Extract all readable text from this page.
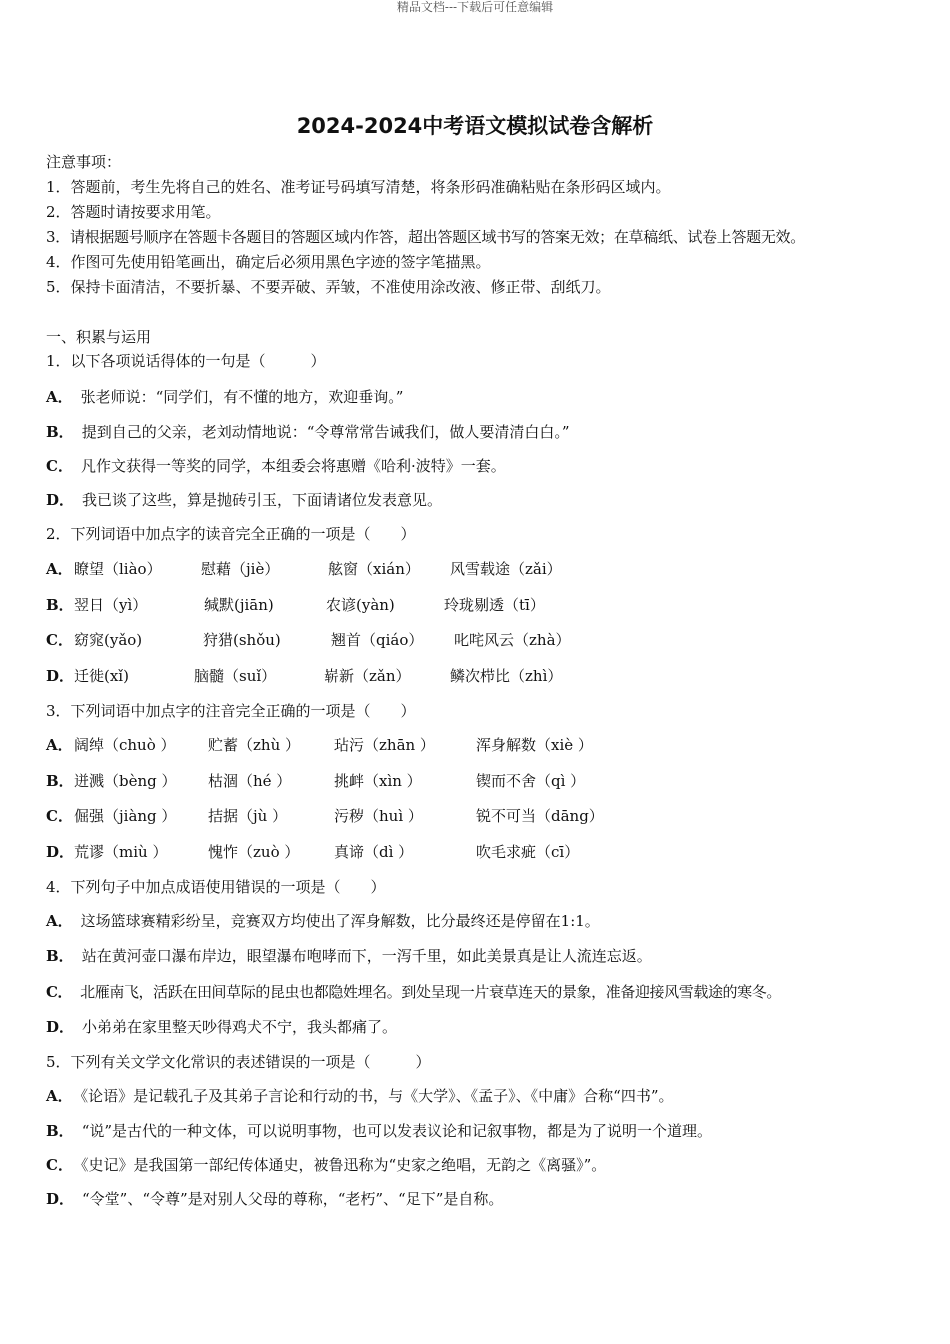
精品文档---下载后可任意编辑
2024-2024中考语文模拟试卷含解析
注意事项：
1．答题前，考生先将自己的姓名、准考证号码填写清楚，将条形码准确粘贴在条形码区域内。
2．答题时请按要求用笔。
3．请根据题号顺序在答题卡各题目的答题区域内作答，超出答题区域书写的答案无效；在草稿纸、试卷上答题无效。
4．作图可先使用铅笔画出，确定后必须用黑色字迹的签字笔描黑。
5．保持卡面清洁，不要折暴、不要弄破、弄皱，不准使用涂改液、修正带、刮纸刀。
一、积累与运用
1．以下各项说话得体的一句是（　　　）
A． 张老师说：“同学们，有不懂的地方，欢迎垂询。”
B． 提到自己的父亲，老刘动情地说：“令尊常常告诫我们，做人要清清白白。”
C． 凡作文获得一等奖的同学，本组委会将惠赠《哈利·波特》一套。
D． 我已谈了这些，算是抛砖引玉，下面请诸位发表意见。
2．下列词语中加点字的读音完全正确的一项是（　　）
A． 瞭望（liào）	慰藉（jiè）	舷窗（xián） 风雪载途（zǎi）
B． 翌日（yì）	缄默(jiān)	农谚(yàn)	玲珑剔透（tī）
C． 窈窕(yǎo)	狩猎(shǒu)	翘首（qiáo） 叱咤风云（zhà）
D． 迁徙(xǐ)	脑髓（suǐ）	崭新（zǎn）	鳞次栉比（zhì）
3．下列词语中加点字的注音完全正确的一项是（　　）
A． 阔绰（chuò ） 贮蓄（zhù ） 玷污（zhān ）	浑身解数（xiè ）
B． 迸溅（bèng ） 枯涸（hé ）	挑衅（xìn ）	锲而不舍（qì ）
C． 倔强（jiàng ） 拮据（jù ）	污秽（huì ）	锐不可当（dāng）
D． 荒谬（miù ）	愧怍（zuò ） 真谛（dì ）	吹毛求疵（cī）
4．下列句子中加点成语使用错误的一项是（　　）
A． 这场篮球赛精彩纷呈，竞赛双方均使出了浑身解数，比分最终还是停留在1:1。
B． 站在黄河壶口瀑布岸边，眼望瀑布咆哮而下，一泻千里，如此美景真是让人流连忘返。
C． 北雁南飞，活跃在田间草际的昆虫也都隐姓埋名。到处呈现一片衰草连天的景象，准备迎接风雪载途的寒冬。
D． 小弟弟在家里整天吵得鸡犬不宁，我头都痛了。
5．下列有关文学文化常识的表述错误的一项是（　　　）
A． 《论语》是记载孔子及其弟子言论和行动的书，与《大学》、《孟子》、《中庸》合称“四书”。
B． “说”是古代的一种文体，可以说明事物，也可以发表议论和记叙事物，都是为了说明一个道理。
C． 《史记》是我国第一部纪传体通史，被鲁迅称为“史家之绝唱，无韵之《离骚》”。
D． “令堂”、“令尊”是对别人父母的尊称，“老朽”、“足下”是自称。
